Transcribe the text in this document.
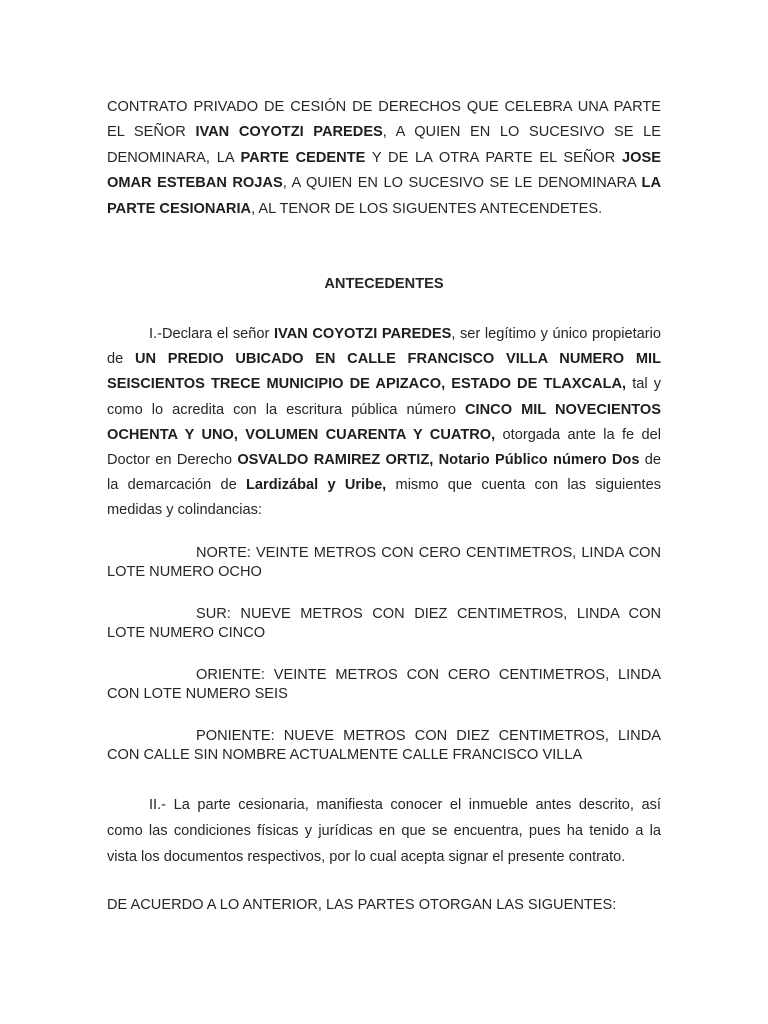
CONTRATO PRIVADO DE CESIÓN DE DERECHOS QUE CELEBRA UNA PARTE EL SEÑOR IVAN COYOTZI PAREDES, A QUIEN EN LO SUCESIVO SE LE DENOMINARA, LA PARTE CEDENTE Y DE LA OTRA PARTE EL SEÑOR JOSE OMAR ESTEBAN ROJAS, A QUIEN EN LO SUCESIVO SE LE DENOMINARA LA PARTE CESIONARIA, AL TENOR DE LOS SIGUENTES ANTECENDETES.

ANTECEDENTES

I.-Declara el señor IVAN COYOTZI PAREDES, ser legítimo y único propietario de UN PREDIO UBICADO EN CALLE FRANCISCO VILLA NUMERO MIL SEISCIENTOS TRECE MUNICIPIO DE APIZACO, ESTADO DE TLAXCALA, tal y como lo acredita con la escritura pública número CINCO MIL NOVECIENTOS OCHENTA Y UNO, VOLUMEN CUARENTA Y CUATRO, otorgada ante la fe del Doctor en Derecho OSVALDO RAMIREZ ORTIZ, Notario Público número Dos de la demarcación de Lardizábal y Uribe, mismo que cuenta con las siguientes medidas y colindancias:

NORTE: VEINTE METROS CON CERO CENTIMETROS, LINDA CON LOTE NUMERO OCHO

SUR: NUEVE METROS CON DIEZ CENTIMETROS, LINDA CON LOTE NUMERO CINCO

ORIENTE: VEINTE METROS CON CERO CENTIMETROS, LINDA CON LOTE NUMERO SEIS

PONIENTE: NUEVE METROS CON DIEZ CENTIMETROS, LINDA CON CALLE SIN NOMBRE ACTUALMENTE CALLE FRANCISCO VILLA

II.- La parte cesionaria, manifiesta conocer el inmueble antes descrito, así como las condiciones físicas y jurídicas en que se encuentra, pues ha tenido a la vista los documentos respectivos, por lo cual acepta signar el presente contrato.

DE ACUERDO A LO ANTERIOR, LAS PARTES OTORGAN LAS SIGUENTES:
